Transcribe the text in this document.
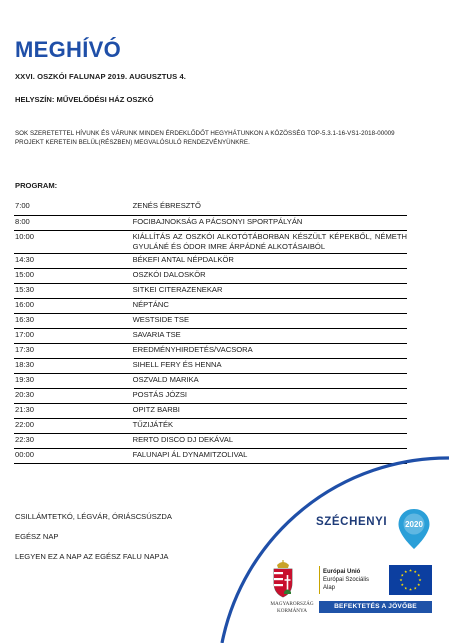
MEGHÍVÓ
XXVI. OSZKÓI FALUNAP 2019. AUGUSZTUS 4.
HELYSZÍN: MŰVELŐDÉSI HÁZ OSZKÓ
SOK SZERETETTEL HÍVUNK ÉS VÁRUNK MINDEN ÉRDEKLŐDŐT HEGYHÁTUNKON A KÖZÖSSÉG TOP-5.3.1-16-VS1-2018-00009 PROJEKT KERETEIN BELÜL(RÉSZBEN) MEGVALÓSULÓ RENDEZVÉNYÜNKRE.
PROGRAM:
7:00	ZENÉS ÉBRESZTŐ
8:00	FOCIBAJNOKSÁG A PÁCSONYI SPORTPÁLYÁN
10:00	KIÁLLÍTÁS AZ OSZKÓI ALKOTÓTÁBORBAN KÉSZÜLT KÉPEKBŐL, NÉMETH GYULÁNÉ ÉS ÓDOR IMRE ÁRPÁDNÉ ALKOTÁSAIBÓL
14:30	BÉKEFI ANTAL NÉPDALKÖR
15:00	OSZKÓI DALOSKÖR
15:30	SITKEI CITERAZENEKAR
16:00	NÉPTÁNC
16:30	WESTSIDE TSE
17:00	SAVARIA TSE
17:30	EREDMÉNYHIRDETÉS/VACSORA
18:30	SIHELL FERY ÉS HENNA
19:30	OSZVALD MARIKA
20:30	POSTÁS JÓZSI
21:30	OPITZ BARBI
22:00	TŰZIJÁTÉK
22:30	RERTO DISCO DJ DEKÁVAL
00:00	FALUNAPI ÁL DYNAMITZOLIVAL
CSILLÁMTETKÓ, LÉGVÁR, ÓRIÁSCSÚSZDA
EGÉSZ NAP
LEGYEN EZ A NAP AZ EGÉSZ FALU NAPJA
SZÉCHENYI 2020
MAGYARORSZÁG
KORMÁNYA
Európai Unió
Európai Szociális
Alap
BEFEKTETÉS A JÖVŐBE
